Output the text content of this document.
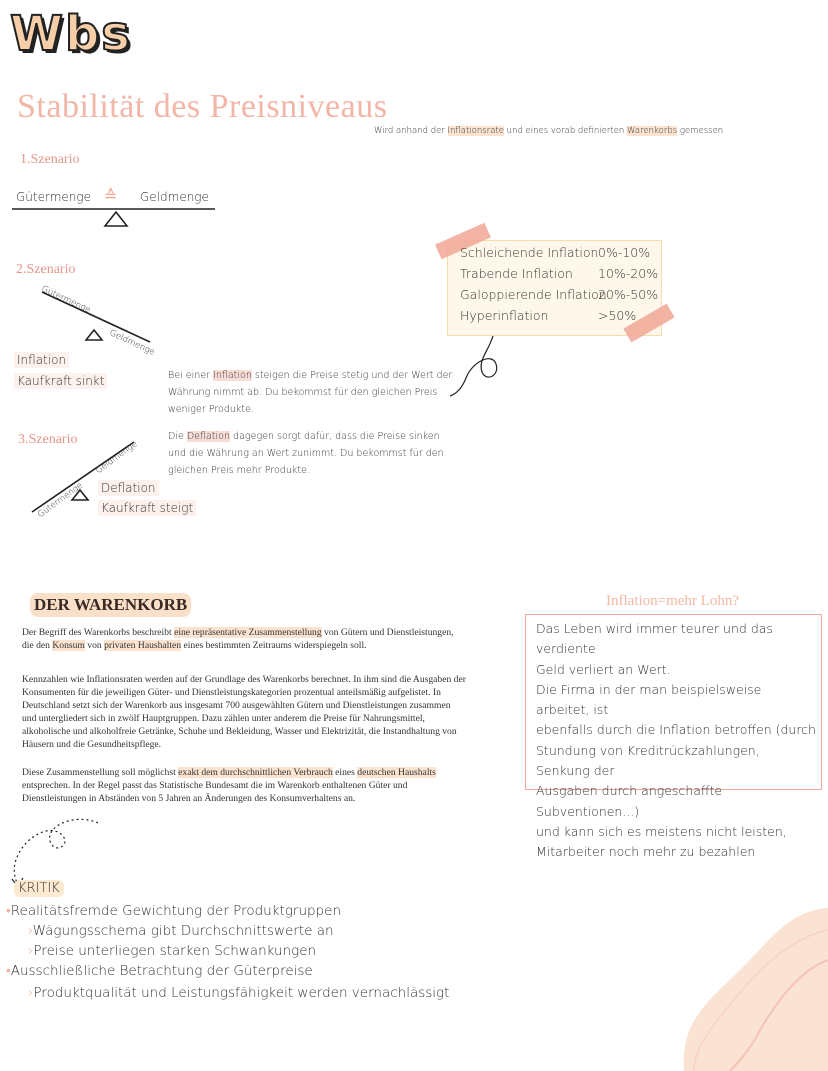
Wbs
Stabilität des Preisniveaus
Wird anhand der Inflationsrate und eines vorab definierten Warenkorbs gemessen
1.Szenario
Gütermenge ≙ Geldmenge
2.Szenario
Gütermenge
Geldmenge
Inflation
Kaufkraft sinkt	Bei einer Inflation steigen die Preise stetig und der Wert der Währung nimmt ab. Du bekommst für den gleichen Preis weniger Produkte.
3.Szenario Geldmenge
Gütermenge Deflation
Kaufkraft steigt
Die Deflation dagegen sorgt dafür, dass die Preise sinken und die Währung an Wert zunimmt. Du bekommst für den gleichen Preis mehr Produkte.
Schleichende Inflation 0%-10%
Trabende Inflation 10%-20%
Galoppierende Inflation
20%-50%
Hyperinflation	>50%
DER WARENKORB
Der Begriff des Warenkorbs beschreibt eine repräsentative Zusammenstellung von Gütern und Dienstleistungen, die den Konsum von privaten Haushalten eines bestimmten Zeitraums widerspiegeln soll.
Kennzahlen wie Inflationsraten werden auf der Grundlage des Warenkorbs berechnet. In ihm sind die Ausgaben der Konsumenten für die jeweiligen Güter- und Dienstleistungskategorien prozentual anteilsmäßig aufgelistet. In Deutschland setzt sich der Warenkorb aus insgesamt 700 ausgewählten Gütern und Dienstleistungen zusammen und untergliedert sich in zwölf Hauptgruppen. Dazu zählen unter anderem die Preise für Nahrungsmittel, alkoholische und alkoholfreie Getränke, Schuhe und Bekleidung, Wasser und Elektrizität, die Instandhaltung von Häusern und die Gesundheitspflege.
Diese Zusammenstellung soll möglichst exakt dem durchschnittlichen Verbrauch eines deutschen Haushalts entsprechen. In der Regel passt das Statistische Bundesamt die im Warenkorb enthaltenen Güter und Dienstleistungen in Abständen von 5 Jahren an Änderungen des Konsumverhaltens an.
KRITIK
•Realitätsfremde Gewichtung der Produktgruppen
›Wägungsschema gibt Durchschnittswerte an
›Preise unterliegen starken Schwankungen
•Ausschließliche Betrachtung der Güterpreise
›Produktqualität und Leistungsfähigkeit werden vernachlässigt
Inflation=mehr Lohn?
Das Leben wird immer teurer und das verdiente
Geld verliert an Wert.
Die Firma in der man beispielsweise arbeitet, ist
ebenfalls durch die Inflation betroffen (durch
Stundung von Kreditrückzahlungen, Senkung der
Ausgaben durch angeschaffte Subventionen...)
und kann sich es meistens nicht leisten,
Mitarbeiter noch mehr zu bezahlen
